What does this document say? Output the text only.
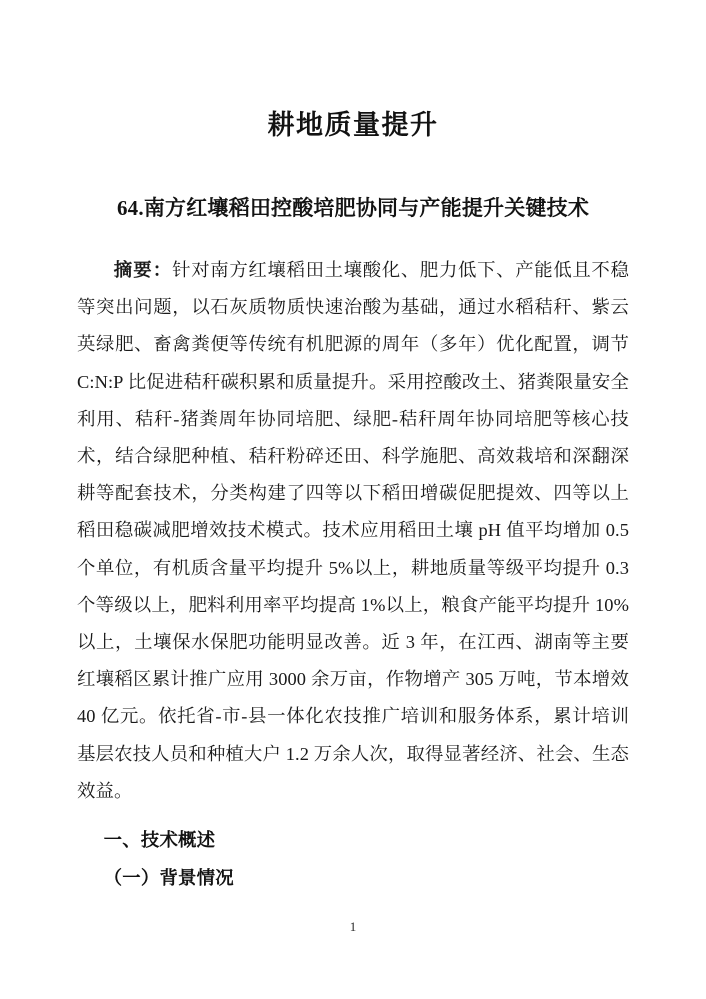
耕地质量提升
64.南方红壤稻田控酸培肥协同与产能提升关键技术

摘要：针对南方红壤稻田土壤酸化、肥力低下、产能低且不稳等突出问题，以石灰质物质快速治酸为基础，通过水稻秸秆、紫云英绿肥、畜禽粪便等传统有机肥源的周年（多年）优化配置，调节 C:N:P 比促进秸秆碳积累和质量提升。采用控酸改土、猪粪限量安全利用、秸秆-猪粪周年协同培肥、绿肥-秸秆周年协同培肥等核心技术，结合绿肥种植、秸秆粉碎还田、科学施肥、高效栽培和深翻深耕等配套技术，分类构建了四等以下稻田增碳促肥提效、四等以上稻田稳碳减肥增效技术模式。技术应用稻田土壤 pH 值平均增加 0.5 个单位，有机质含量平均提升 5%以上，耕地质量等级平均提升 0.3 个等级以上，肥料利用率平均提高 1%以上，粮食产能平均提升 10%以上，土壤保水保肥功能明显改善。近 3 年，在江西、湖南等主要红壤稻区累计推广应用 3000 余万亩，作物增产 305 万吨，节本增效 40 亿元。依托省-市-县一体化农技推广培训和服务体系，累计培训基层农技人员和种植大户 1.2 万余人次，取得显著经济、社会、生态效益。

一、技术概述

（一）背景情况

1
